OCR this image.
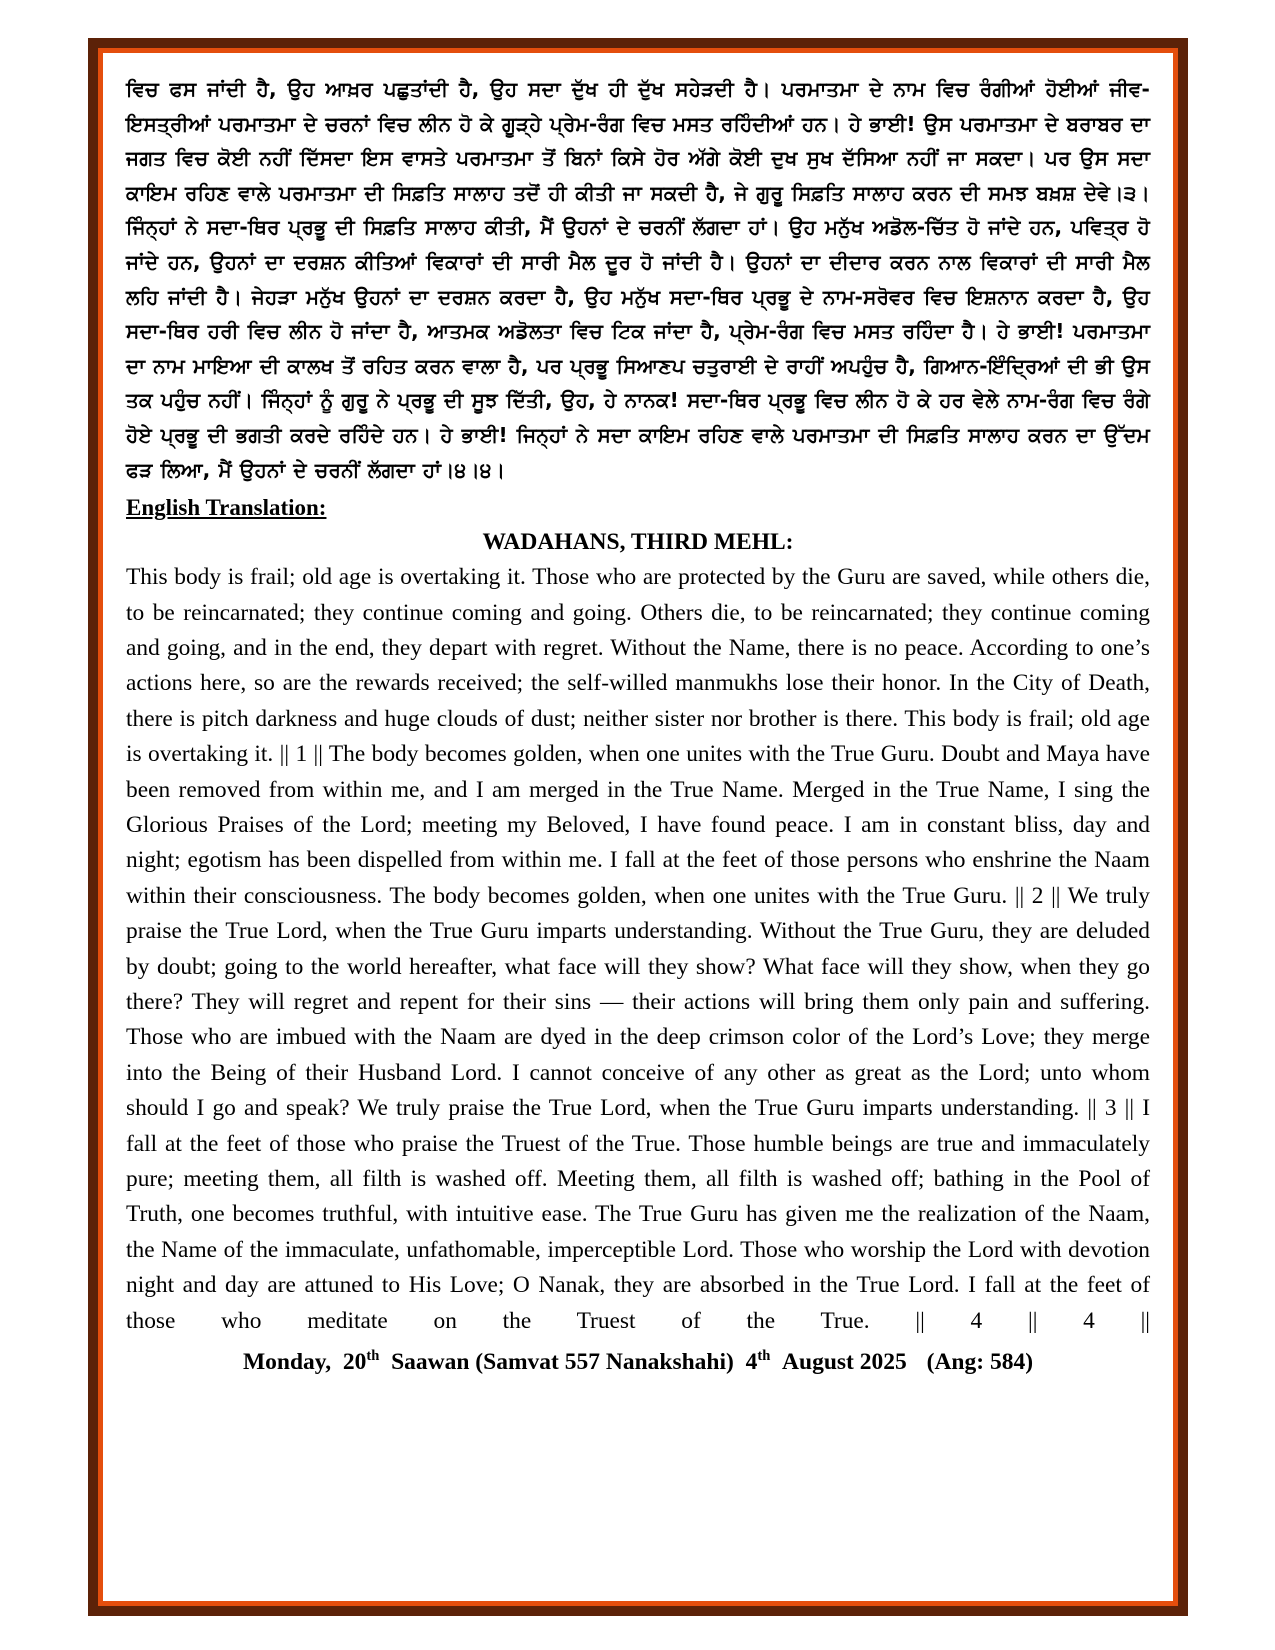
ਵਿਚ ਫਸ ਜਾਂਦੀ ਹੈ, ਉਹ ਆਖ਼ਰ ਪਛੁਤਾਂਦੀ ਹੈ, ਉਹ ਸਦਾ ਦੁੱਖ ਹੀ ਦੁੱਖ ਸਹੇੜਦੀ ਹੈ। ਪਰਮਾਤਮਾ ਦੇ ਨਾਮ ਵਿਚ ਰੰਗੀਆਂ ਹੋਈਆਂ ਜੀਵ-ਇਸਤ੍ਰੀਆਂ ਪਰਮਾਤਮਾ ਦੇ ਚਰਨਾਂ ਵਿਚ ਲੀਨ ਹੋ ਕੇ ਗੂੜ੍ਹੇ ਪ੍ਰੇਮ-ਰੰਗ ਵਿਚ ਮਸਤ ਰਹਿੰਦੀਆਂ ਹਨ। ਹੇ ਭਾਈ! ਉਸ ਪਰਮਾਤਮਾ ਦੇ ਬਰਾਬਰ ਦਾ ਜਗਤ ਵਿਚ ਕੋਈ ਨਹੀਂ ਦਿੱਸਦਾ ਇਸ ਵਾਸਤੇ ਪਰਮਾਤਮਾ ਤੋਂ ਬਿਨਾਂ ਕਿਸੇ ਹੋਰ ਅੱਗੇ ਕੋਈ ਦੁਖ ਸੁਖ ਦੱਸਿਆ ਨਹੀਂ ਜਾ ਸਕਦਾ। ਪਰ ਉਸ ਸਦਾ ਕਾਇਮ ਰਹਿਣ ਵਾਲੇ ਪਰਮਾਤਮਾ ਦੀ ਸਿਫ਼ਤਿ ਸਾਲਾਹ ਤਦੋਂ ਹੀ ਕੀਤੀ ਜਾ ਸਕਦੀ ਹੈ, ਜੇ ਗੁਰੂ ਸਿਫ਼ਤਿ ਸਾਲਾਹ ਕਰਨ ਦੀ ਸਮਝ ਬਖ਼ਸ਼ ਦੇਵੇ।੩। ਜਿੰਨ੍ਹਾਂ ਨੇ ਸਦਾ-ਥਿਰ ਪ੍ਰਭੂ ਦੀ ਸਿਫ਼ਤਿ ਸਾਲਾਹ ਕੀਤੀ, ਮੈਂ ਉਹਨਾਂ ਦੇ ਚਰਨੀਂ ਲੱਗਦਾ ਹਾਂ। ਉਹ ਮਨੁੱਖ ਅਡੋਲ-ਚਿੱਤ ਹੋ ਜਾਂਦੇ ਹਨ, ਪਵਿਤ੍ਰ ਹੋ ਜਾਂਦੇ ਹਨ, ਉਹਨਾਂ ਦਾ ਦਰਸ਼ਨ ਕੀਤਿਆਂ ਵਿਕਾਰਾਂ ਦੀ ਸਾਰੀ ਮੈਲ ਦੂਰ ਹੋ ਜਾਂਦੀ ਹੈ। ਉਹਨਾਂ ਦਾ ਦੀਦਾਰ ਕਰਨ ਨਾਲ ਵਿਕਾਰਾਂ ਦੀ ਸਾਰੀ ਮੈਲ ਲਹਿ ਜਾਂਦੀ ਹੈ। ਜੇਹੜਾ ਮਨੁੱਖ ਉਹਨਾਂ ਦਾ ਦਰਸ਼ਨ ਕਰਦਾ ਹੈ, ਉਹ ਮਨੁੱਖ ਸਦਾ-ਥਿਰ ਪ੍ਰਭੂ ਦੇ ਨਾਮ-ਸਰੋਵਰ ਵਿਚ ਇਸ਼ਨਾਨ ਕਰਦਾ ਹੈ, ਉਹ ਸਦਾ-ਥਿਰ ਹਰੀ ਵਿਚ ਲੀਨ ਹੋ ਜਾਂਦਾ ਹੈ, ਆਤਮਕ ਅਡੋਲਤਾ ਵਿਚ ਟਿਕ ਜਾਂਦਾ ਹੈ, ਪ੍ਰੇਮ-ਰੰਗ ਵਿਚ ਮਸਤ ਰਹਿੰਦਾ ਹੈ। ਹੇ ਭਾਈ! ਪਰਮਾਤਮਾ ਦਾ ਨਾਮ ਮਾਇਆ ਦੀ ਕਾਲਖ ਤੋਂ ਰਹਿਤ ਕਰਨ ਵਾਲਾ ਹੈ, ਪਰ ਪ੍ਰਭੂ ਸਿਆਣਪ ਚਤੁਰਾਈ ਦੇ ਰਾਹੀਂ ਅਪਹੁੰਚ ਹੈ, ਗਿਆਨ-ਇੰਦ੍ਰਿਆਂ ਦੀ ਭੀ ਉਸ ਤਕ ਪਹੁੰਚ ਨਹੀਂ। ਜਿੰਨ੍ਹਾਂ ਨੂੰ ਗੁਰੂ ਨੇ ਪ੍ਰਭੂ ਦੀ ਸੂਝ ਦਿੱਤੀ, ਉਹ, ਹੇ ਨਾਨਕ! ਸਦਾ-ਥਿਰ ਪ੍ਰਭੂ ਵਿਚ ਲੀਨ ਹੋ ਕੇ ਹਰ ਵੇਲੇ ਨਾਮ-ਰੰਗ ਵਿਚ ਰੰਗੇ ਹੋਏ ਪ੍ਰਭੂ ਦੀ ਭਗਤੀ ਕਰਦੇ ਰਹਿੰਦੇ ਹਨ। ਹੇ ਭਾਈ! ਜਿਨ੍ਹਾਂ ਨੇ ਸਦਾ ਕਾਇਮ ਰਹਿਣ ਵਾਲੇ ਪਰਮਾਤਮਾ ਦੀ ਸਿਫ਼ਤਿ ਸਾਲਾਹ ਕਰਨ ਦਾ ਉੱਦਮ ਫੜ ਲਿਆ, ਮੈਂ ਉਹਨਾਂ ਦੇ ਚਰਨੀਂ ਲੱਗਦਾ ਹਾਂ।੪।੪।

English Translation:
WADAHANS, THIRD MEHL:

This body is frail; old age is overtaking it. Those who are protected by the Guru are saved, while others die, to be reincarnated; they continue coming and going. Others die, to be reincarnated; they continue coming and going, and in the end, they depart with regret. Without the Name, there is no peace. According to one’s actions here, so are the rewards received; the self-willed manmukhs lose their honor. In the City of Death, there is pitch darkness and huge clouds of dust; neither sister nor brother is there. This body is frail; old age is overtaking it. || 1 || The body becomes golden, when one unites with the True Guru. Doubt and Maya have been removed from within me, and I am merged in the True Name. Merged in the True Name, I sing the Glorious Praises of the Lord; meeting my Beloved, I have found peace. I am in constant bliss, day and night; egotism has been dispelled from within me. I fall at the feet of those persons who enshrine the Naam within their consciousness. The body becomes golden, when one unites with the True Guru. || 2 || We truly praise the True Lord, when the True Guru imparts understanding. Without the True Guru, they are deluded by doubt; going to the world hereafter, what face will they show? What face will they show, when they go there? They will regret and repent for their sins — their actions will bring them only pain and suffering. Those who are imbued with the Naam are dyed in the deep crimson color of the Lord’s Love; they merge into the Being of their Husband Lord. I cannot conceive of any other as great as the Lord; unto whom should I go and speak? We truly praise the True Lord, when the True Guru imparts understanding. || 3 || I fall at the feet of those who praise the Truest of the True. Those humble beings are true and immaculately pure; meeting them, all filth is washed off. Meeting them, all filth is washed off; bathing in the Pool of Truth, one becomes truthful, with intuitive ease. The True Guru has given me the realization of the Naam, the Name of the immaculate, unfathomable, imperceptible Lord. Those who worship the Lord with devotion night and day are attuned to His Love; O Nanak, they are absorbed in the True Lord. I fall at the feet of those who meditate on the Truest of the True. || 4 || 4 ||

Monday, 20th Saawan (Samvat 557 Nanakshahi) 4th August 2025 (Ang: 584)
